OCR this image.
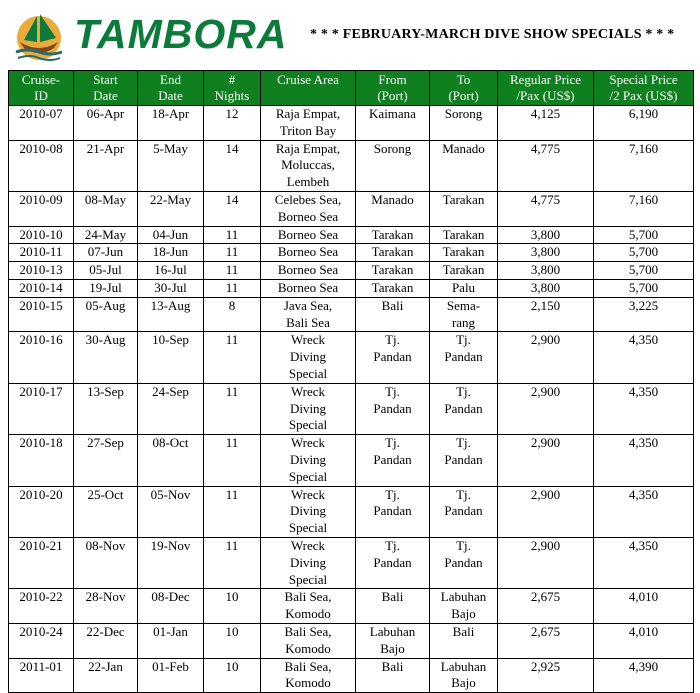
TAMBORA * * * FEBRUARY-MARCH DIVE SHOW SPECIALS * * *
Cruise-
ID	Start
Date	End
Date	#
Nights	Cruise Area	From
(Port)	To
(Port)	Regular Price
/Pax (US$)	Special Price
/2 Pax (US$)
2010-07	06-Apr	18-Apr	12	Raja Empat,
Triton Bay	Kaimana	Sorong	4,125	6,190
2010-08	21-Apr	5-May	14	Raja Empat,
Moluccas,
Lembeh	Sorong	Manado	4,775	7,160
2010-09	08-May	22-May	14	Celebes Sea,
Borneo Sea	Manado	Tarakan	4,775	7,160
2010-10	24-May	04-Jun	11	Borneo Sea	Tarakan	Tarakan	3,800	5,700
2010-11	07-Jun	18-Jun	11	Borneo Sea	Tarakan	Tarakan	3,800	5,700
2010-13	05-Jul	16-Jul	11	Borneo Sea	Tarakan	Tarakan	3,800	5,700
2010-14	19-Jul	30-Jul	11	Borneo Sea	Tarakan	Palu	3,800	5,700
2010-15	05-Aug	13-Aug	8	Java Sea,
Bali Sea	Bali	Sema-
rang	2,150	3,225
2010-16	30-Aug	10-Sep	11	Wreck
Diving
Special	Tj.
Pandan	Tj.
Pandan	2,900	4,350
2010-17	13-Sep	24-Sep	11	Wreck
Diving
Special	Tj.
Pandan	Tj.
Pandan	2,900	4,350
2010-18	27-Sep	08-Oct	11	Wreck
Diving
Special	Tj.
Pandan	Tj.
Pandan	2,900	4,350
2010-20	25-Oct	05-Nov	11	Wreck
Diving
Special	Tj.
Pandan	Tj.
Pandan	2,900	4,350
2010-21	08-Nov	19-Nov	11	Wreck
Diving
Special	Tj.
Pandan	Tj.
Pandan	2,900	4,350
2010-22	28-Nov	08-Dec	10	Bali Sea,
Komodo	Bali	Labuhan
Bajo	2,675	4,010
2010-24	22-Dec	01-Jan	10	Bali Sea,
Komodo	Labuhan
Bajo	Bali	2,675	4,010
2011-01	22-Jan	01-Feb	10	Bali Sea,
Komodo	Bali	Labuhan
Bajo	2,925	4,390
